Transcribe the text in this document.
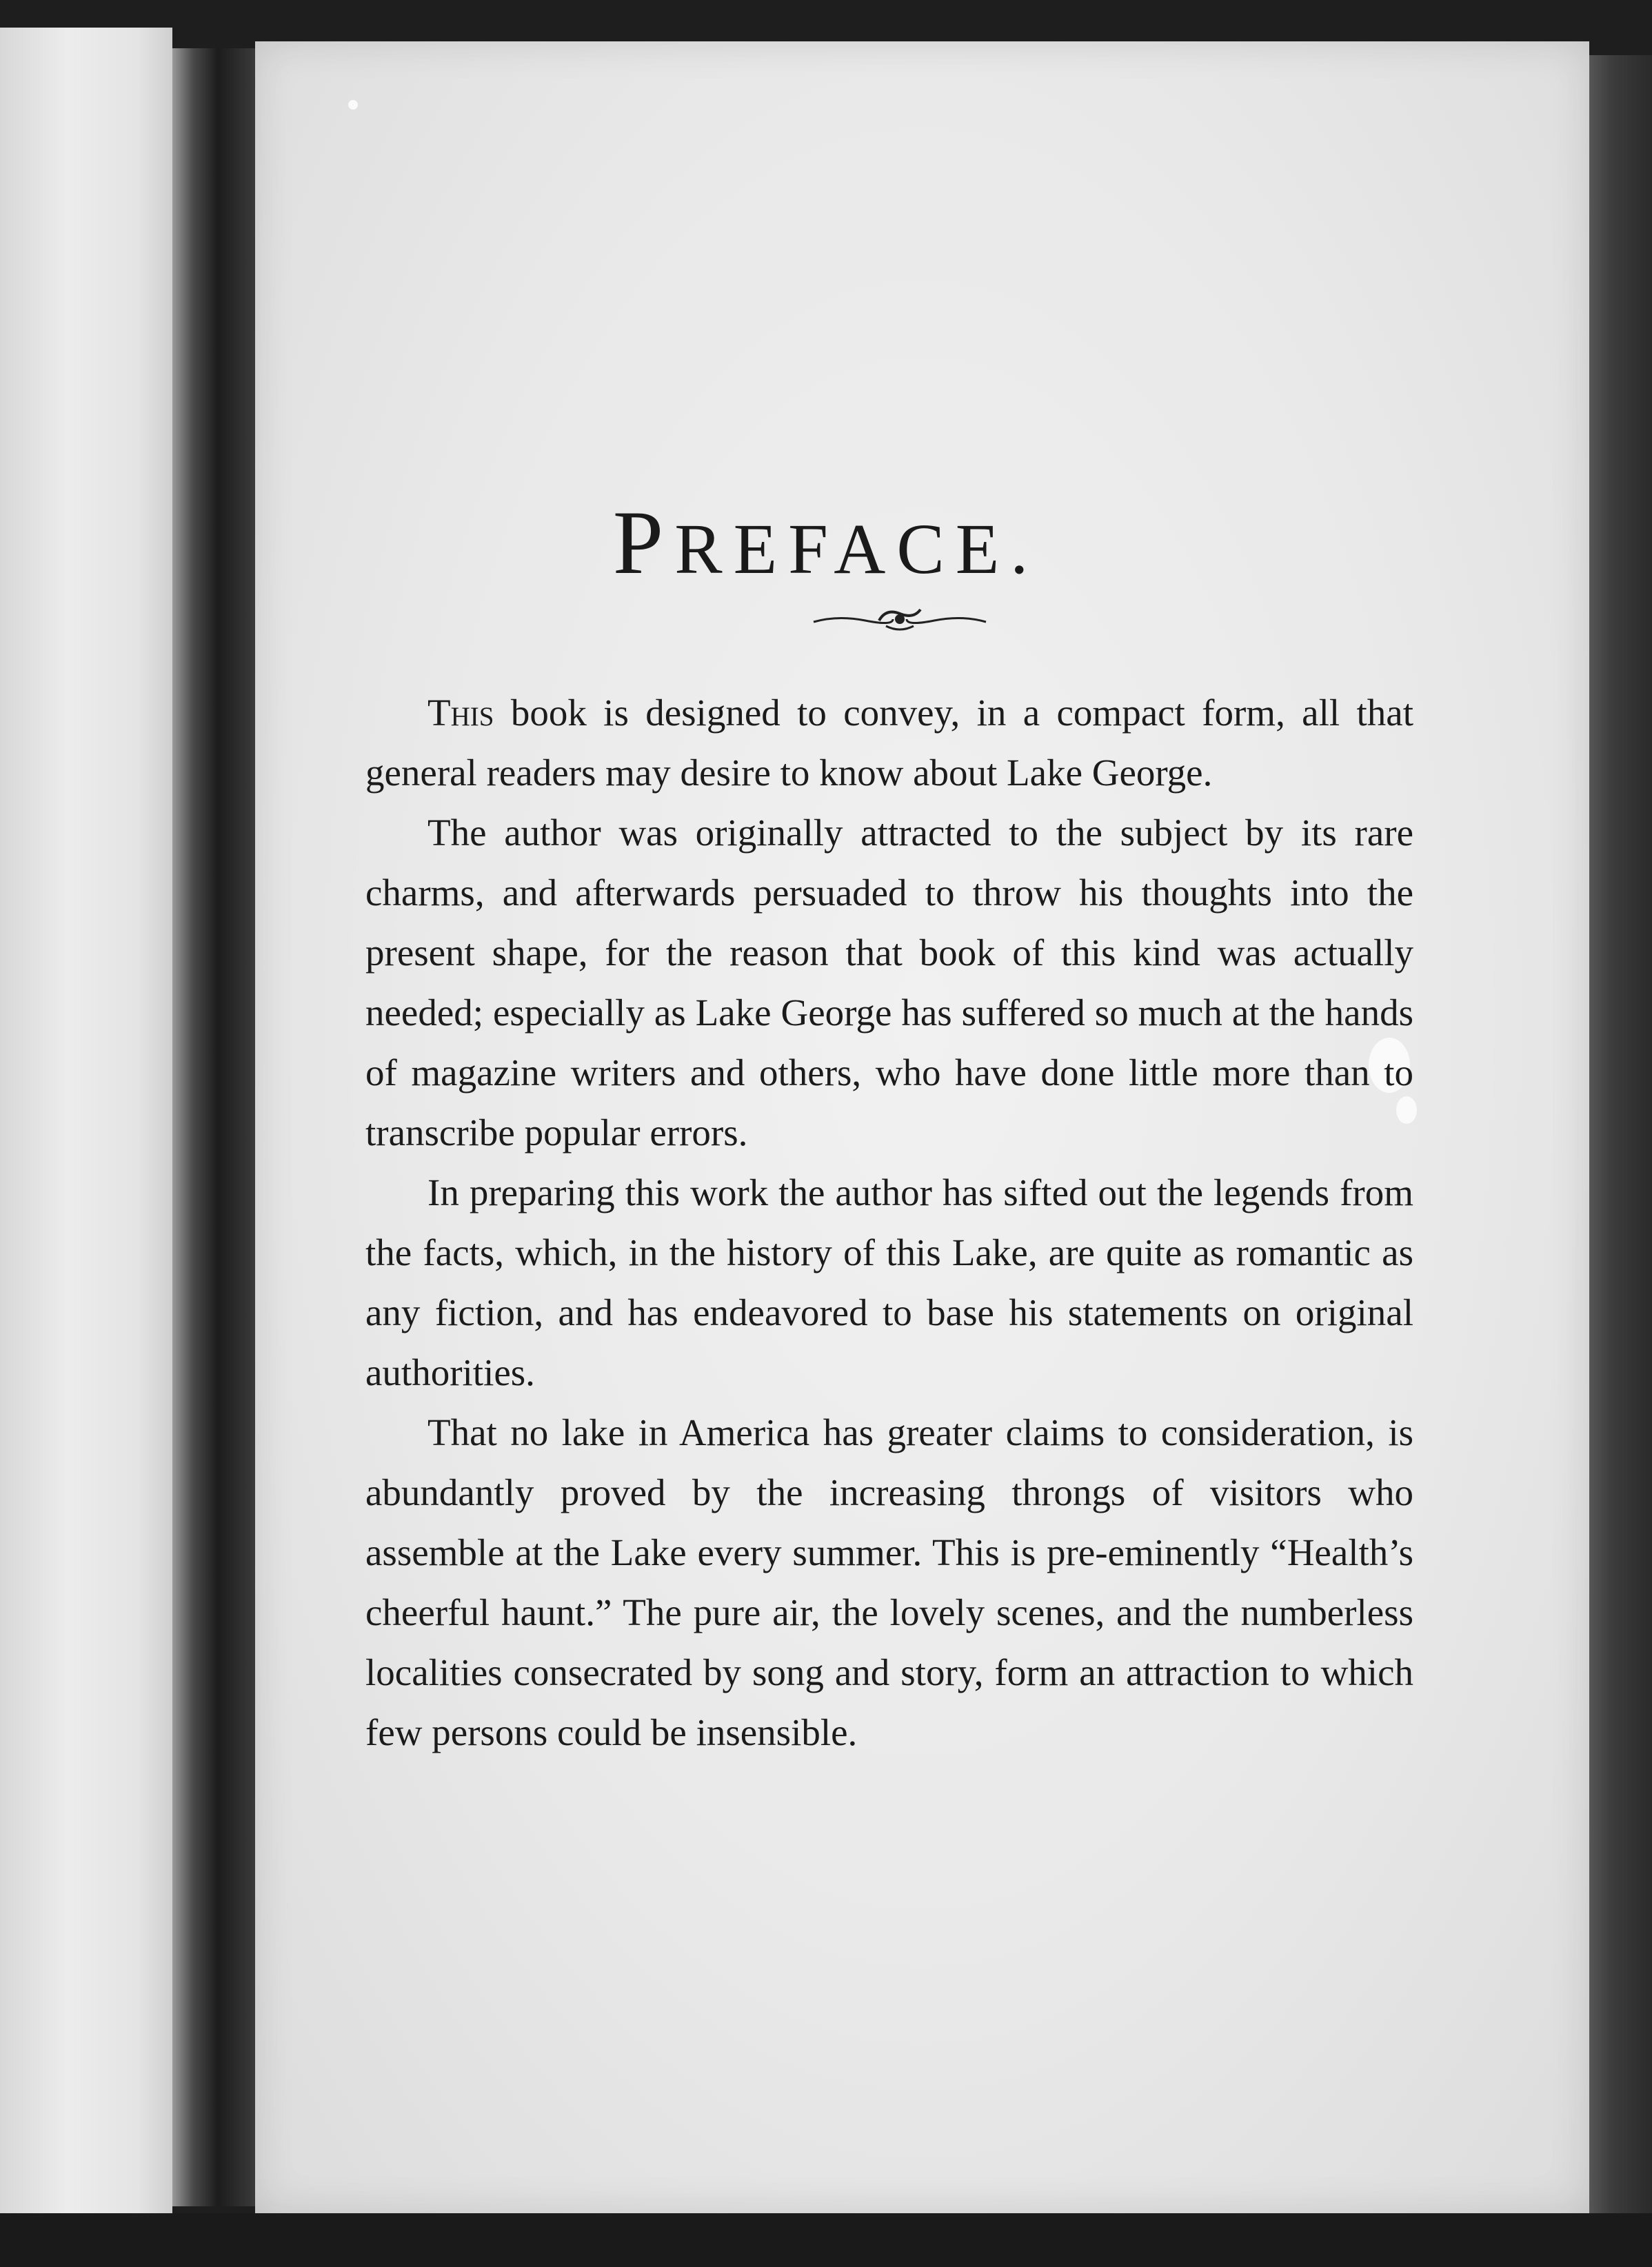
PREFACE.

This book is designed to convey, in a compact form, all that general readers may desire to know about Lake George.

The author was originally attracted to the subject by its rare charms, and afterwards persuaded to throw his thoughts into the present shape, for the reason that book of this kind was actually needed; especially as Lake George has suffered so much at the hands of magazine writers and others, who have done little more than to transcribe popular errors.

In preparing this work the author has sifted out the legends from the facts, which, in the history of this Lake, are quite as romantic as any fiction, and has endeavored to base his statements on original authorities.

That no lake in America has greater claims to consideration, is abundantly proved by the increasing throngs of visitors who assemble at the Lake every summer. This is pre-eminently “Health’s cheerful haunt.” The pure air, the lovely scenes, and the numberless localities consecrated by song and story, form an attraction to which few persons could be insensible.
